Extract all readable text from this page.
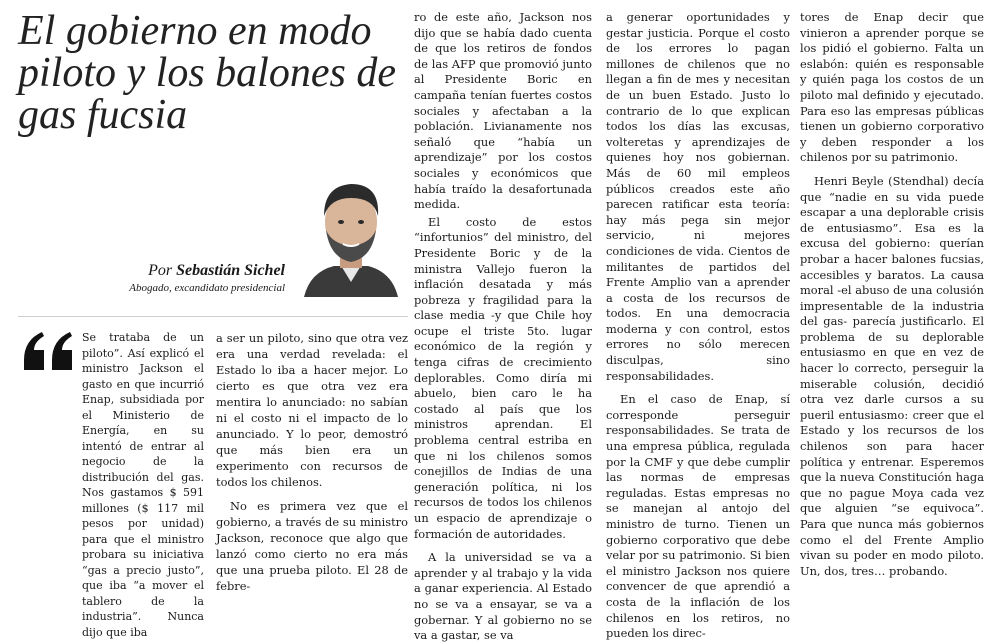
El gobierno en modo piloto y los balones de gas fucsia
Por Sebastián Sichel
Abogado, excandidato presidencial

Se trataba de un piloto”. Así explicó el ministro Jackson el gasto en que incurrió Enap, subsidiada por el Ministerio de Energía, en su intentó de entrar al negocio de la distribución del gas. Nos gastamos $ 591 millones ($ 117 mil pesos por unidad) para que el ministro probara su iniciativa “gas a precio justo”, que iba “a mover el tablero de la industria”. Nunca dijo que iba

a ser un piloto, sino que otra vez era una verdad revelada: el Estado lo iba a hacer mejor. Lo cierto es que otra vez era mentira lo anunciado: no sabían ni el costo ni el impacto de lo anunciado. Y lo peor, demostró que más bien era un experimento con recursos de todos los chilenos.

No es primera vez que el gobierno, a través de su ministro Jackson, reconoce que algo que lanzó como cierto no era más que una prueba piloto. El 28 de febre-

ro de este año, Jackson nos dijo que se había dado cuenta de que los retiros de fondos de las AFP que promovió junto al Presidente Boric en campaña tenían fuertes costos sociales y afectaban a la población. Livianamente nos señaló que “había un aprendizaje” por los costos sociales y económicos que había traído la desafortunada medida.

El costo de estos “infortunios” del ministro, del Presidente Boric y de la ministra Vallejo fueron la inflación desatada y más pobreza y fragilidad para la clase media -y que Chile hoy ocupe el triste 5to. lugar económico de la región y tenga cifras de crecimiento deplorables. Como diría mi abuelo, bien caro le ha costado al país que los ministros aprendan. El problema central estriba en que ni los chilenos somos conejillos de Indias de una generación política, ni los recursos de todos los chilenos un espacio de aprendizaje o formación de autoridades.

A la universidad se va a aprender y al trabajo y la vida a ganar experiencia. Al Estado no se va a ensayar, se va a gobernar. Y al gobierno no se va a gastar, se va

a generar oportunidades y gestar justicia. Porque el costo de los errores lo pagan millones de chilenos que no llegan a fin de mes y necesitan de un buen Estado. Justo lo contrario de lo que explican todos los días las excusas, volteretas y aprendizajes de quienes hoy nos gobiernan. Más de 60 mil empleos públicos creados este año parecen ratificar esta teoría: hay más pega sin mejor servicio, ni mejores condiciones de vida. Cientos de militantes de partidos del Frente Amplio van a aprender a costa de los recursos de todos. En una democracia moderna y con control, estos errores no sólo merecen disculpas, sino responsabilidades.

En el caso de Enap, sí corresponde perseguir responsabilidades. Se trata de una empresa pública, regulada por la CMF y que debe cumplir las normas de empresas reguladas. Estas empresas no se manejan al antojo del ministro de turno. Tienen un gobierno corporativo que debe velar por su patrimonio. Si bien el ministro Jackson nos quiere convencer de que aprendió a costa de la inflación de los chilenos en los retiros, no pueden los direc-

tores de Enap decir que vinieron a aprender porque se los pidió el gobierno. Falta un eslabón: quién es responsable y quién paga los costos de un piloto mal definido y ejecutado. Para eso las empresas públicas tienen un gobierno corporativo y deben responder a los chilenos por su patrimonio.

Henri Beyle (Stendhal) decía que “nadie en su vida puede escapar a una deplorable crisis de entusiasmo”. Esa es la excusa del gobierno: querían probar a hacer balones fucsias, accesibles y baratos. La causa moral -el abuso de una colusión impresentable de la industria del gas- parecía justificarlo. El problema de su deplorable entusiasmo en que en vez de hacer lo correcto, perseguir la miserable colusión, decidió otra vez darle cursos a su pueril entusiasmo: creer que el Estado y los recursos de los chilenos son para hacer política y entrenar. Esperemos que la nueva Constitución haga que no pague Moya cada vez que alguien “se equivoca”. Para que nunca más gobiernos como el del Frente Amplio vivan su poder en modo piloto. Un, dos, tres… probando.
